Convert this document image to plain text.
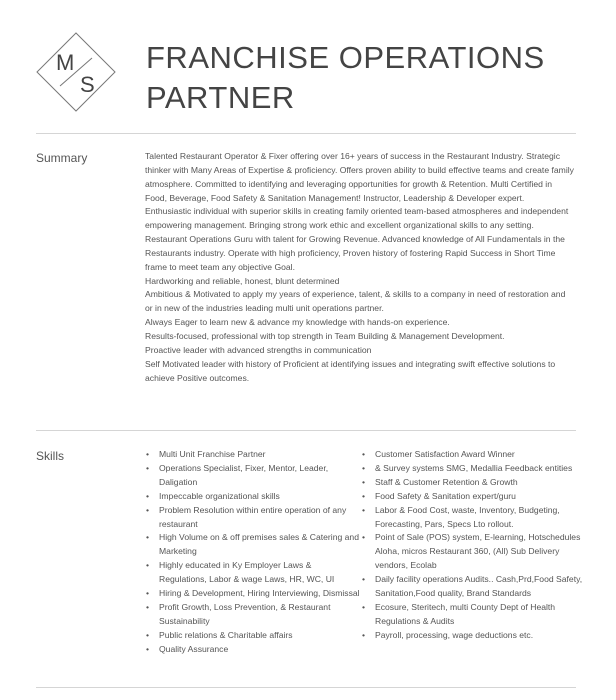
M
S
FRANCHISE OPERATIONS PARTNER
Summary	Talented Restaurant Operator & Fixer offering over 16+ years of success in the Restaurant Industry. Strategic thinker with Many Areas of Expertise & proficiency. Offers proven ability to build effective teams and create family atmosphere. Committed to identifying and leveraging opportunities for growth & Retention. Multi Certified in Food, Beverage, Food Safety & Sanitation Management! Instructor, Leadership & Developer expert.

Enthusiastic individual with superior skills in creating family oriented team-based atmospheres and independent empowering management. Bringing strong work ethic and excellent organizational skills to any setting.

Restaurant Operations Guru with talent for Growing Revenue. Advanced knowledge of All Fundamentals in the Restaurants industry. Operate with high proficiency, Proven history of fostering Rapid Success in Short Time frame to meet team any objective Goal.

Hardworking and reliable, honest, blunt determined

Ambitious & Motivated to apply my years of experience, talent, & skills to a company in need of restoration and or in new of the industries leading multi unit operations partner.

Always Eager to learn new & advance my knowledge with hands-on experience.

Results-focused, professional with top strength in Team Building & Management Development.

Proactive leader with advanced strengths in communication

Self Motivated leader with history of Proficient at identifying issues and integrating swift effective solutions to achieve Positive outcomes.

Skills
•	Multi Unit Franchise Partner
• Operations Specialist, Fixer, Mentor, Leader, Daligation
• Impeccable organizational skills
• Problem Resolution within entire operation of any restaurant
• High Volume on & off premises sales & Catering and Marketing
• Highly educated in Ky Employer Laws & Regulations, Labor & wage Laws, HR, WC, UI
• Hiring & Development, Hiring Interviewing, Dismissal
• Profit Growth, Loss Prevention, & Restaurant Sustainability
• Public relations & Charitable affairs
• Quality Assurance
• Customer Satisfaction Award Winner
• & Survey systems SMG, Medallia Feedback entities
• Staff & Customer Retention & Growth
• Food Safety & Sanitation expert/guru
• Labor & Food Cost, waste, Inventory, Budgeting, Forecasting, Pars, Specs Lto rollout.
• Point of Sale (POS) system, E-learning, Hotschedules Aloha, micros Restaurant 360, (All) Sub Delivery vendors, Ecolab
• Daily facility operations Audits.. Cash,Prd,Food Safety, Sanitation,Food quality, Brand Standards
• Ecosure, Steritech, multi County Dept of Health Regulations & Audits
• Payroll, processing, wage deductions etc.
